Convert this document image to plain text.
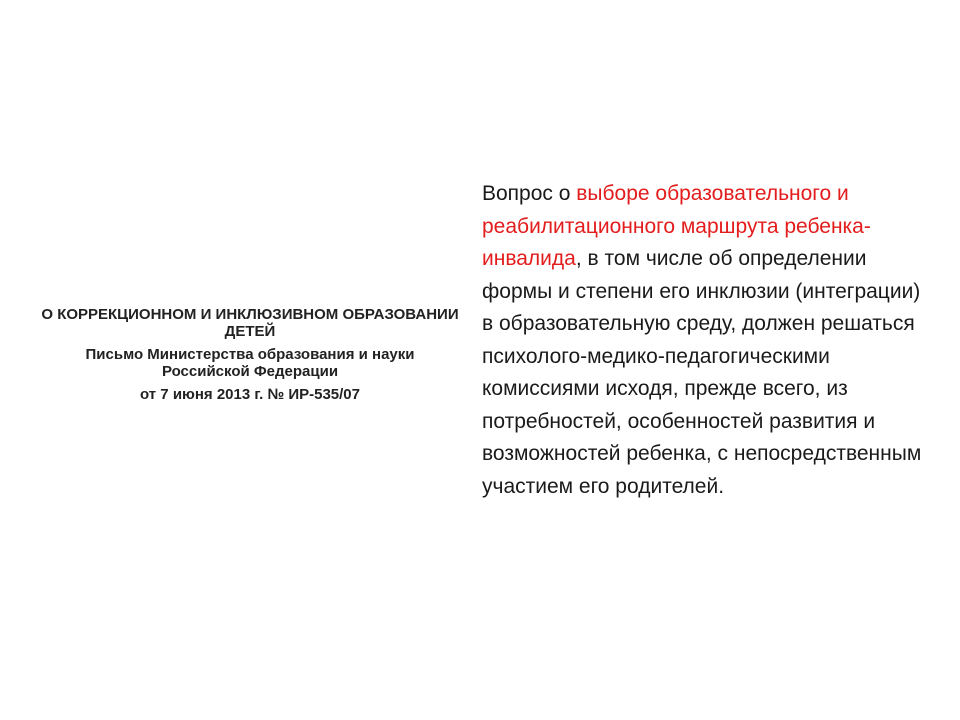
О КОРРЕКЦИОННОМ И ИНКЛЮЗИВНОМ ОБРАЗОВАНИИ ДЕТЕЙ

Письмо Министерства образования и науки Российской Федерации

от 7 июня 2013 г. № ИР-535/07

Вопрос о выборе образовательного и реабилитационного маршрута ребенка-инвалида, в том числе об определении формы и степени его инклюзии (интеграции) в образовательную среду, должен решаться психолого-медико-педагогическими комиссиями исходя, прежде всего, из потребностей, особенностей развития и возможностей ребенка, с непосредственным участием его родителей.
